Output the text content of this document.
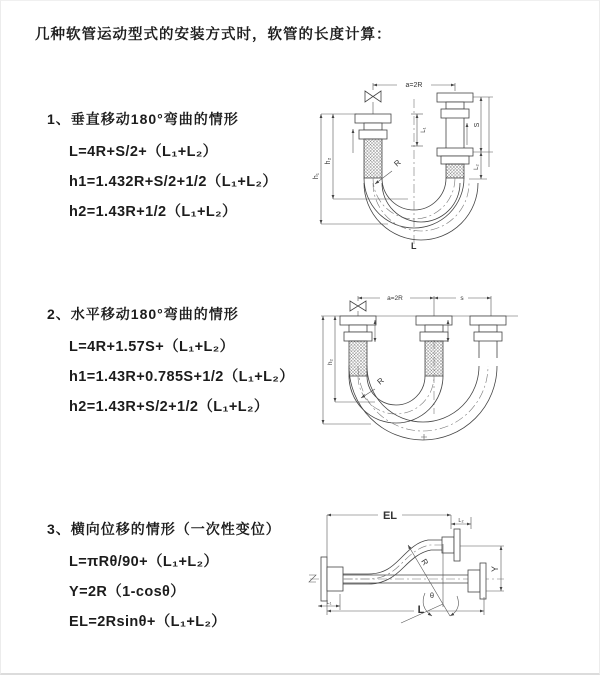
几种软管运动型式的安装方式时，软管的长度计算：
1、垂直移动180°弯曲的情形
L=4R+S/2+（L₁+L₂）
h1=1.432R+S/2+1/2（L₁+L₂）
h2=1.43R+1/2（L₁+L₂）
a=2R
h₁
h₂
L₁
S
L₂
R
L
2、水平移动180°弯曲的情形
L=4R+1.57S+（L₁+L₂）
h1=1.43R+0.785S+1/2（L₁+L₂）
h2=1.43R+S/2+1/2（L₁+L₂）
a=2R	s
h₂
R
3、横向位移的情形（一次性变位）
L=πRθ/90+（L₁+L₂）
Y=2R（1-cosθ）
EL=2Rsinθ+（L₁+L₂）
EL	L₂
Y
L
L₁
R
θ
